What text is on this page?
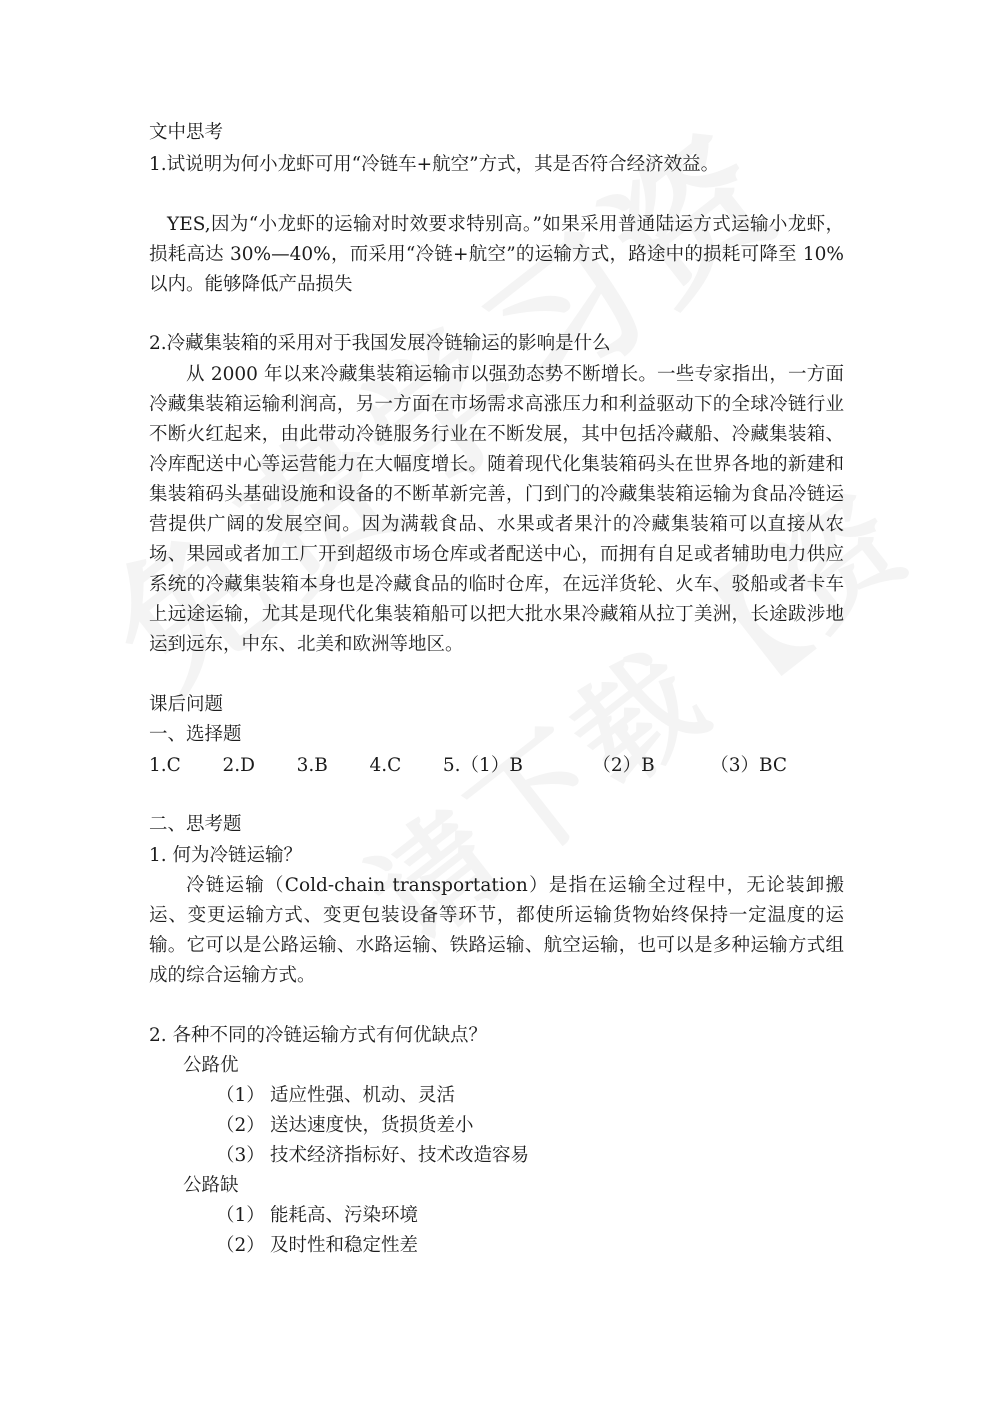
文中思考
1.试说明为何小龙虾可用“冷链车+航空”方式，其是否符合经济效益。
YES,因为“小龙虾的运输对时效要求特别高。”如果采用普通陆运方式运输小龙虾，损耗高达 30%—40%，而采用“冷链+航空”的运输方式，路途中的损耗可降至 10%以内。能够降低产品损失
2.冷藏集装箱的采用对于我国发展冷链输运的影响是什么
从 2000 年以来冷藏集装箱运输市以强劲态势不断增长。一些专家指出，一方面冷藏集装箱运输利润高，另一方面在市场需求高涨压力和利益驱动下的全球冷链行业不断火红起来，由此带动冷链服务行业在不断发展，其中包括冷藏船、冷藏集装箱、冷库配送中心等运营能力在大幅度增长。随着现代化集装箱码头在世界各地的新建和集装箱码头基础设施和设备的不断革新完善，门到门的冷藏集装箱运输为食品冷链运营提供广阔的发展空间。因为满载食品、水果或者果汁的冷藏集装箱可以直接从农场、果园或者加工厂开到超级市场仓库或者配送中心，而拥有自足或者辅助电力供应系统的冷藏集装箱本身也是冷藏食品的临时仓库，在远洋货轮、火车、驳船或者卡车上远途运输，尤其是现代化集装箱船可以把大批水果冷藏箱从拉丁美洲，长途跋涉地运到远东，中东、北美和欧洲等地区。
课后问题
一、选择题
1.C   2.D   3.B   4.C   5.（1）B     （2）B    （3）BC
二、思考题
1. 何为冷链运输？
冷链运输（Cold-chain transportation）是指在运输全过程中，无论装卸搬运、变更运输方式、变更包装设备等环节，都使所运输货物始终保持一定温度的运输。它可以是公路运输、水路运输、铁路运输、航空运输，也可以是多种运输方式组成的综合运输方式。
2. 各种不同的冷链运输方式有何优缺点？
公路优
（1） 适应性强、机动、灵活
（2） 送达速度快，货损货差小
（3） 技术经济指标好、技术改造容易
公路缺
（1） 能耗高、污染环境
（2） 及时性和稳定性差
